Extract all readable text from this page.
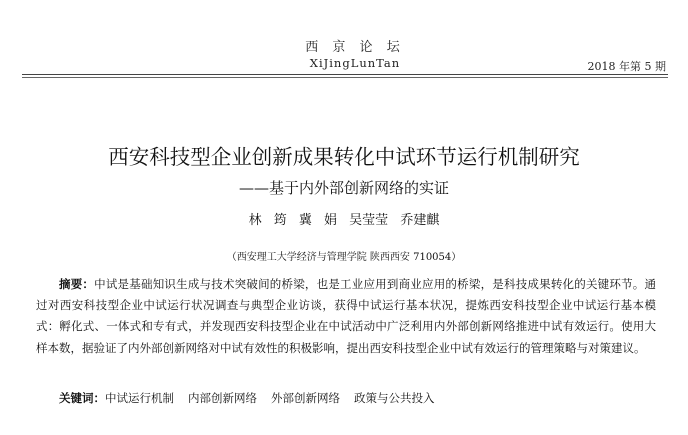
西 京 论 坛
XiJingLunTan	2018 年第 5 期
西安科技型企业创新成果转化中试环节运行机制研究
——基于内外部创新网络的实证
林 筠 冀 娟 吴莹莹 乔建麒
（西安理工大学经济与管理学院 陕西西安 710054）
摘要：中试是基础知识生成与技术突破间的桥梁，也是工业应用到商业应用的桥梁，是科技成果转化的关键环节。通过对西安科技型企业中试运行状况调查与典型企业访谈，获得中试运行基本状况，提炼西安科技型企业中试运行基本模式：孵化式、一体式和专有式，并发现西安科技型企业在中试活动中广泛利用内外部创新网络推进中试有效运行。使用大样本数，据验证了内外部创新网络对中试有效性的积极影响，提出西安科技型企业中试有效运行的管理策略与对策建议。
关键词：中试运行机制 内部创新网络 外部创新网络 政策与公共投入
